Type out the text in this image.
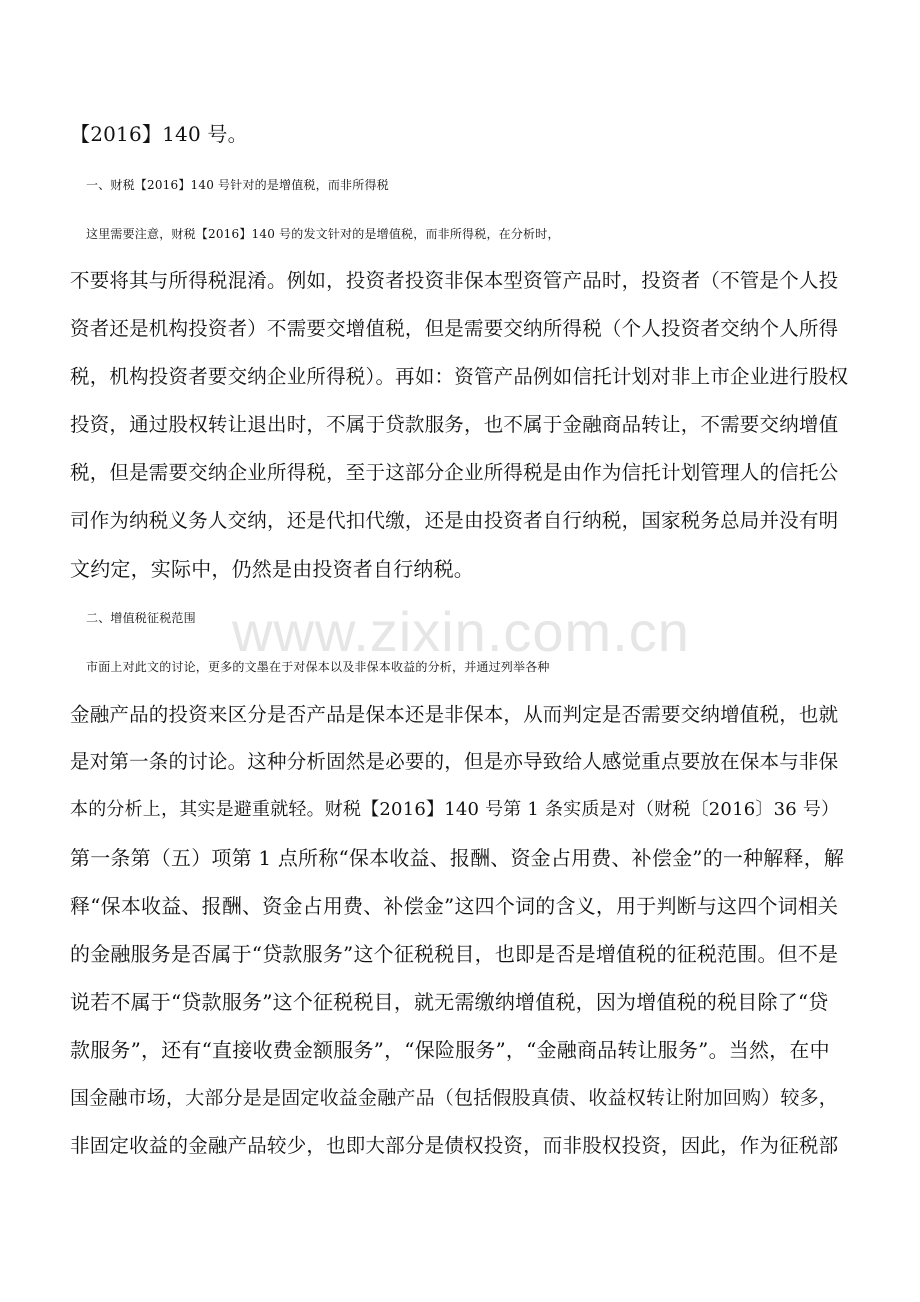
www.zixin.com.cn
【2016】140 号。
一、财税【2016】140 号针对的是增值税，而非所得税
这里需要注意，财税【2016】140 号的发文针对的是增值税，而非所得税，在分析时，
不要将其与所得税混淆。例如，投资者投资非保本型资管产品时，投资者（不管是个人投
资者还是机构投资者）不需要交增值税，但是需要交纳所得税（个人投资者交纳个人所得
税，机构投资者要交纳企业所得税）。再如：资管产品例如信托计划对非上市企业进行股权
投资，通过股权转让退出时，不属于贷款服务，也不属于金融商品转让，不需要交纳增值
税，但是需要交纳企业所得税，至于这部分企业所得税是由作为信托计划管理人的信托公
司作为纳税义务人交纳，还是代扣代缴，还是由投资者自行纳税，国家税务总局并没有明
文约定，实际中，仍然是由投资者自行纳税。
二、增值税征税范围
市面上对此文的讨论，更多的文墨在于对保本以及非保本收益的分析，并通过列举各种
金融产品的投资来区分是否产品是保本还是非保本，从而判定是否需要交纳增值税，也就
是对第一条的讨论。这种分析固然是必要的，但是亦导致给人感觉重点要放在保本与非保
本的分析上，其实是避重就轻。财税【2016】140 号第 1 条实质是对（财税〔2016〕36 号）
第一条第（五）项第 1 点所称“保本收益、报酬、资金占用费、补偿金”的一种解释，解
释“保本收益、报酬、资金占用费、补偿金”这四个词的含义，用于判断与这四个词相关
的金融服务是否属于“贷款服务”这个征税税目，也即是否是增值税的征税范围。但不是
说若不属于“贷款服务”这个征税税目，就无需缴纳增值税，因为增值税的税目除了“贷
款服务”，还有“直接收费金额服务”，“保险服务”，“金融商品转让服务”。当然，在中
国金融市场，大部分是是固定收益金融产品（包括假股真债、收益权转让附加回购）较多，
非固定收益的金融产品较少，也即大部分是债权投资，而非股权投资，因此，作为征税部
